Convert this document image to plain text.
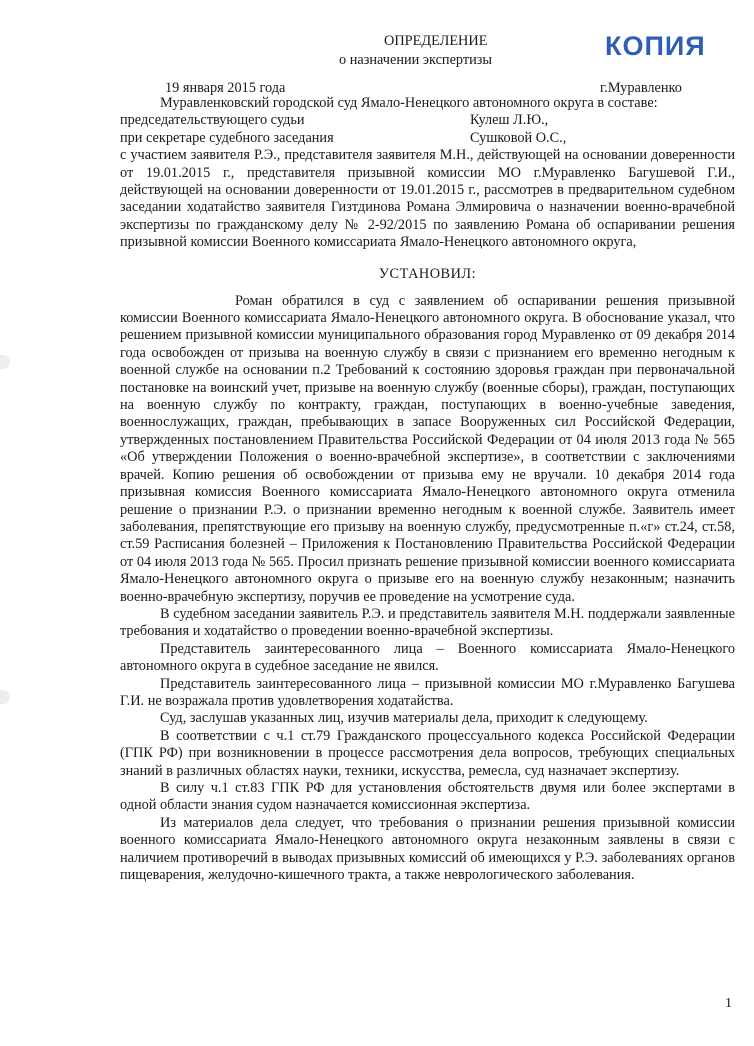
КОПИЯ
ОПРЕДЕЛЕНИЕ
о назначении экспертизы
19 января 2015 года	г.Муравленко

Муравленковский городской суд Ямало-Ненецкого автономного округа в составе:

председательствующего судьи	Кулеш Л.Ю.,
при секретаре судебного заседания	Сушковой О.С.,

с участием заявителя Р.Э., представителя заявителя М.Н., действующей на основании доверенности от 19.01.2015 г., представителя призывной комиссии МО г.Муравленко Багушевой Г.И., действующей на основании доверенности от 19.01.2015 г., рассмотрев в предварительном судебном заседании ходатайство заявителя Гизтдинова Романа Элмировича о назначении военно-врачебной экспертизы по гражданскому делу № 2-92/2015 по заявлению Романа об оспаривании решения призывной комиссии Военного комиссариата Ямало-Ненецкого автономного округа,

УСТАНОВИЛ:

Роман обратился в суд с заявлением об оспаривании решения призывной комиссии Военного комиссариата Ямало-Ненецкого автономного округа. В обоснование указал, что решением призывной комиссии муниципального образования город Муравленко от 09 декабря 2014 года освобожден от призыва на военную службу в связи с признанием его временно негодным к военной службе на основании п.2 Требований к состоянию здоровья граждан при первоначальной постановке на воинский учет, призыве на военную службу (военные сборы), граждан, поступающих на военную службу по контракту, граждан, поступающих в военно-учебные заведения, военнослужащих, граждан, пребывающих в запасе Вооруженных сил Российской Федерации, утвержденных постановлением Правительства Российской Федерации от 04 июля 2013 года № 565 «Об утверждении Положения о военно-врачебной экспертизе», в соответствии с заключениями врачей. Копию решения об освобождении от призыва ему не вручали. 10 декабря 2014 года призывная комиссия Военного комиссариата Ямало-Ненецкого автономного округа отменила решение о признании Р.Э. о признании временно негодным к военной службе. Заявитель имеет заболевания, препятствующие его призыву на военную службу, предусмотренные п.«г» ст.24, ст.58, ст.59 Расписания болезней – Приложения к Постановлению Правительства Российской Федерации от 04 июля 2013 года № 565. Просил признать решение призывной комиссии военного комиссариата Ямало-Ненецкого автономного округа о призыве его на военную службу незаконным; назначить военно-врачебную экспертизу, поручив ее проведение на усмотрение суда.

В судебном заседании заявитель Р.Э. и представитель заявителя М.Н. поддержали заявленные требования и ходатайство о проведении военно-врачебной экспертизы.

Представитель заинтересованного лица – Военного комиссариата Ямало-Ненецкого автономного округа в судебное заседание не явился.

Представитель заинтересованного лица – призывной комиссии МО г.Муравленко Багушева Г.И. не возражала против удовлетворения ходатайства.

Суд, заслушав указанных лиц, изучив материалы дела, приходит к следующему.

В соответствии с ч.1 ст.79 Гражданского процессуального кодекса Российской Федерации (ГПК РФ) при возникновении в процессе рассмотрения дела вопросов, требующих специальных знаний в различных областях науки, техники, искусства, ремесла, суд назначает экспертизу.

В силу ч.1 ст.83 ГПК РФ для установления обстоятельств двумя или более экспертами в одной области знания судом назначается комиссионная экспертиза.

Из материалов дела следует, что требования о признании решения призывной комиссии военного комиссариата Ямало-Ненецкого автономного округа незаконным заявлены в связи с наличием противоречий в выводах призывных комиссий об имеющихся у Р.Э. заболеваниях органов пищеварения, желудочно-кишечного тракта, а также неврологического заболевания.

1
